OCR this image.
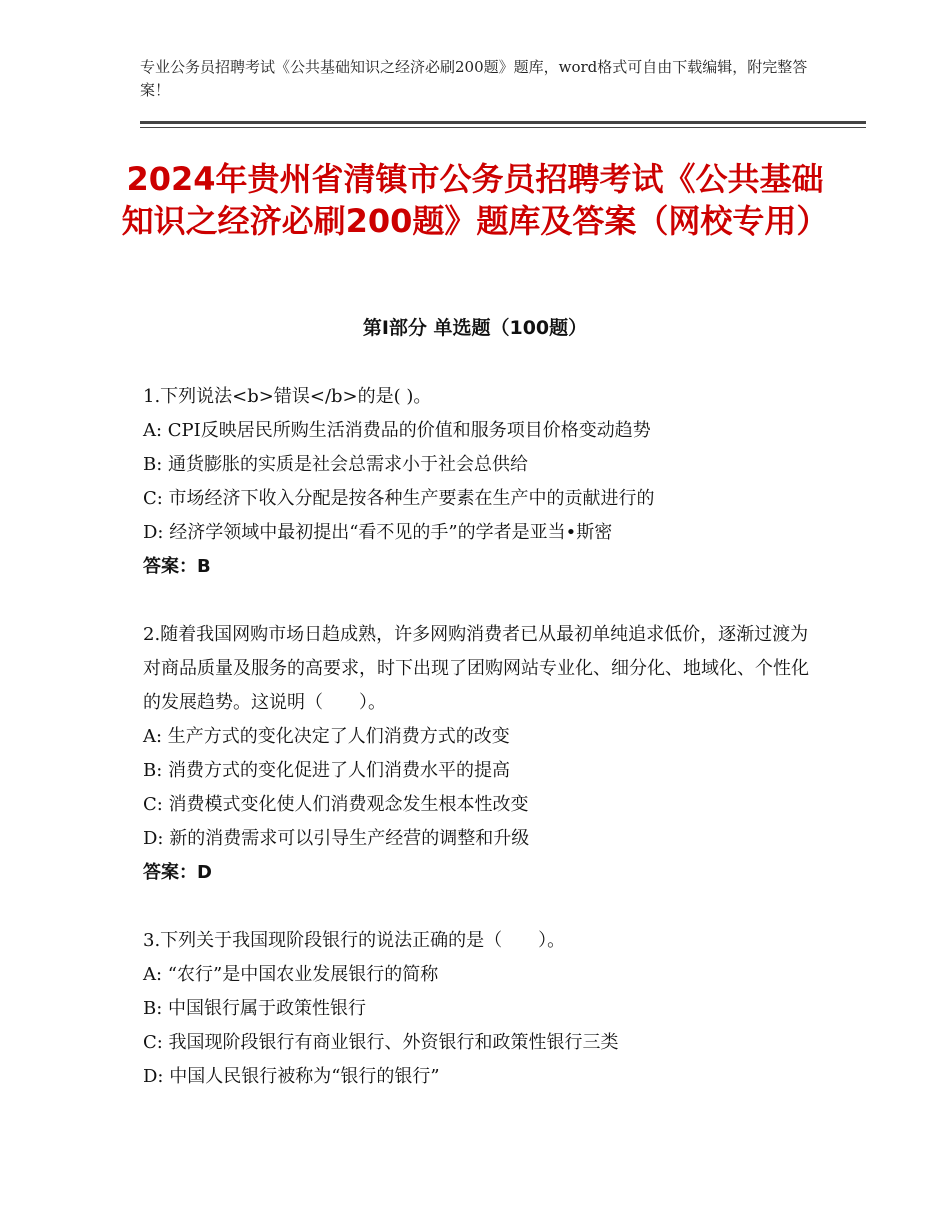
专业公务员招聘考试《公共基础知识之经济必刷200题》题库，word格式可自由下载编辑，附完整答案！
2024年贵州省清镇市公务员招聘考试《公共基础知识之经济必刷200题》题库及答案（网校专用）
第Ⅰ部分 单选题（100题）

1.下列说法<b>错误</b>的是( )。

A: CPI反映居民所购生活消费品的价值和服务项目价格变动趋势

B: 通货膨胀的实质是社会总需求小于社会总供给

C: 市场经济下收入分配是按各种生产要素在生产中的贡献进行的

D: 经济学领域中最初提出“看不见的手”的学者是亚当•斯密

答案：B

2.随着我国网购市场日趋成熟，许多网购消费者已从最初单纯追求低价，逐渐过渡为对商品质量及服务的高要求，时下出现了团购网站专业化、细分化、地域化、个性化的发展趋势。这说明（　　）。

A: 生产方式的变化决定了人们消费方式的改变

B: 消费方式的变化促进了人们消费水平的提高

C: 消费模式变化使人们消费观念发生根本性改变

D: 新的消费需求可以引导生产经营的调整和升级

答案：D

3.下列关于我国现阶段银行的说法正确的是（　　）。

A: “农行”是中国农业发展银行的简称

B: 中国银行属于政策性银行

C: 我国现阶段银行有商业银行、外资银行和政策性银行三类

D: 中国人民银行被称为“银行的银行”
